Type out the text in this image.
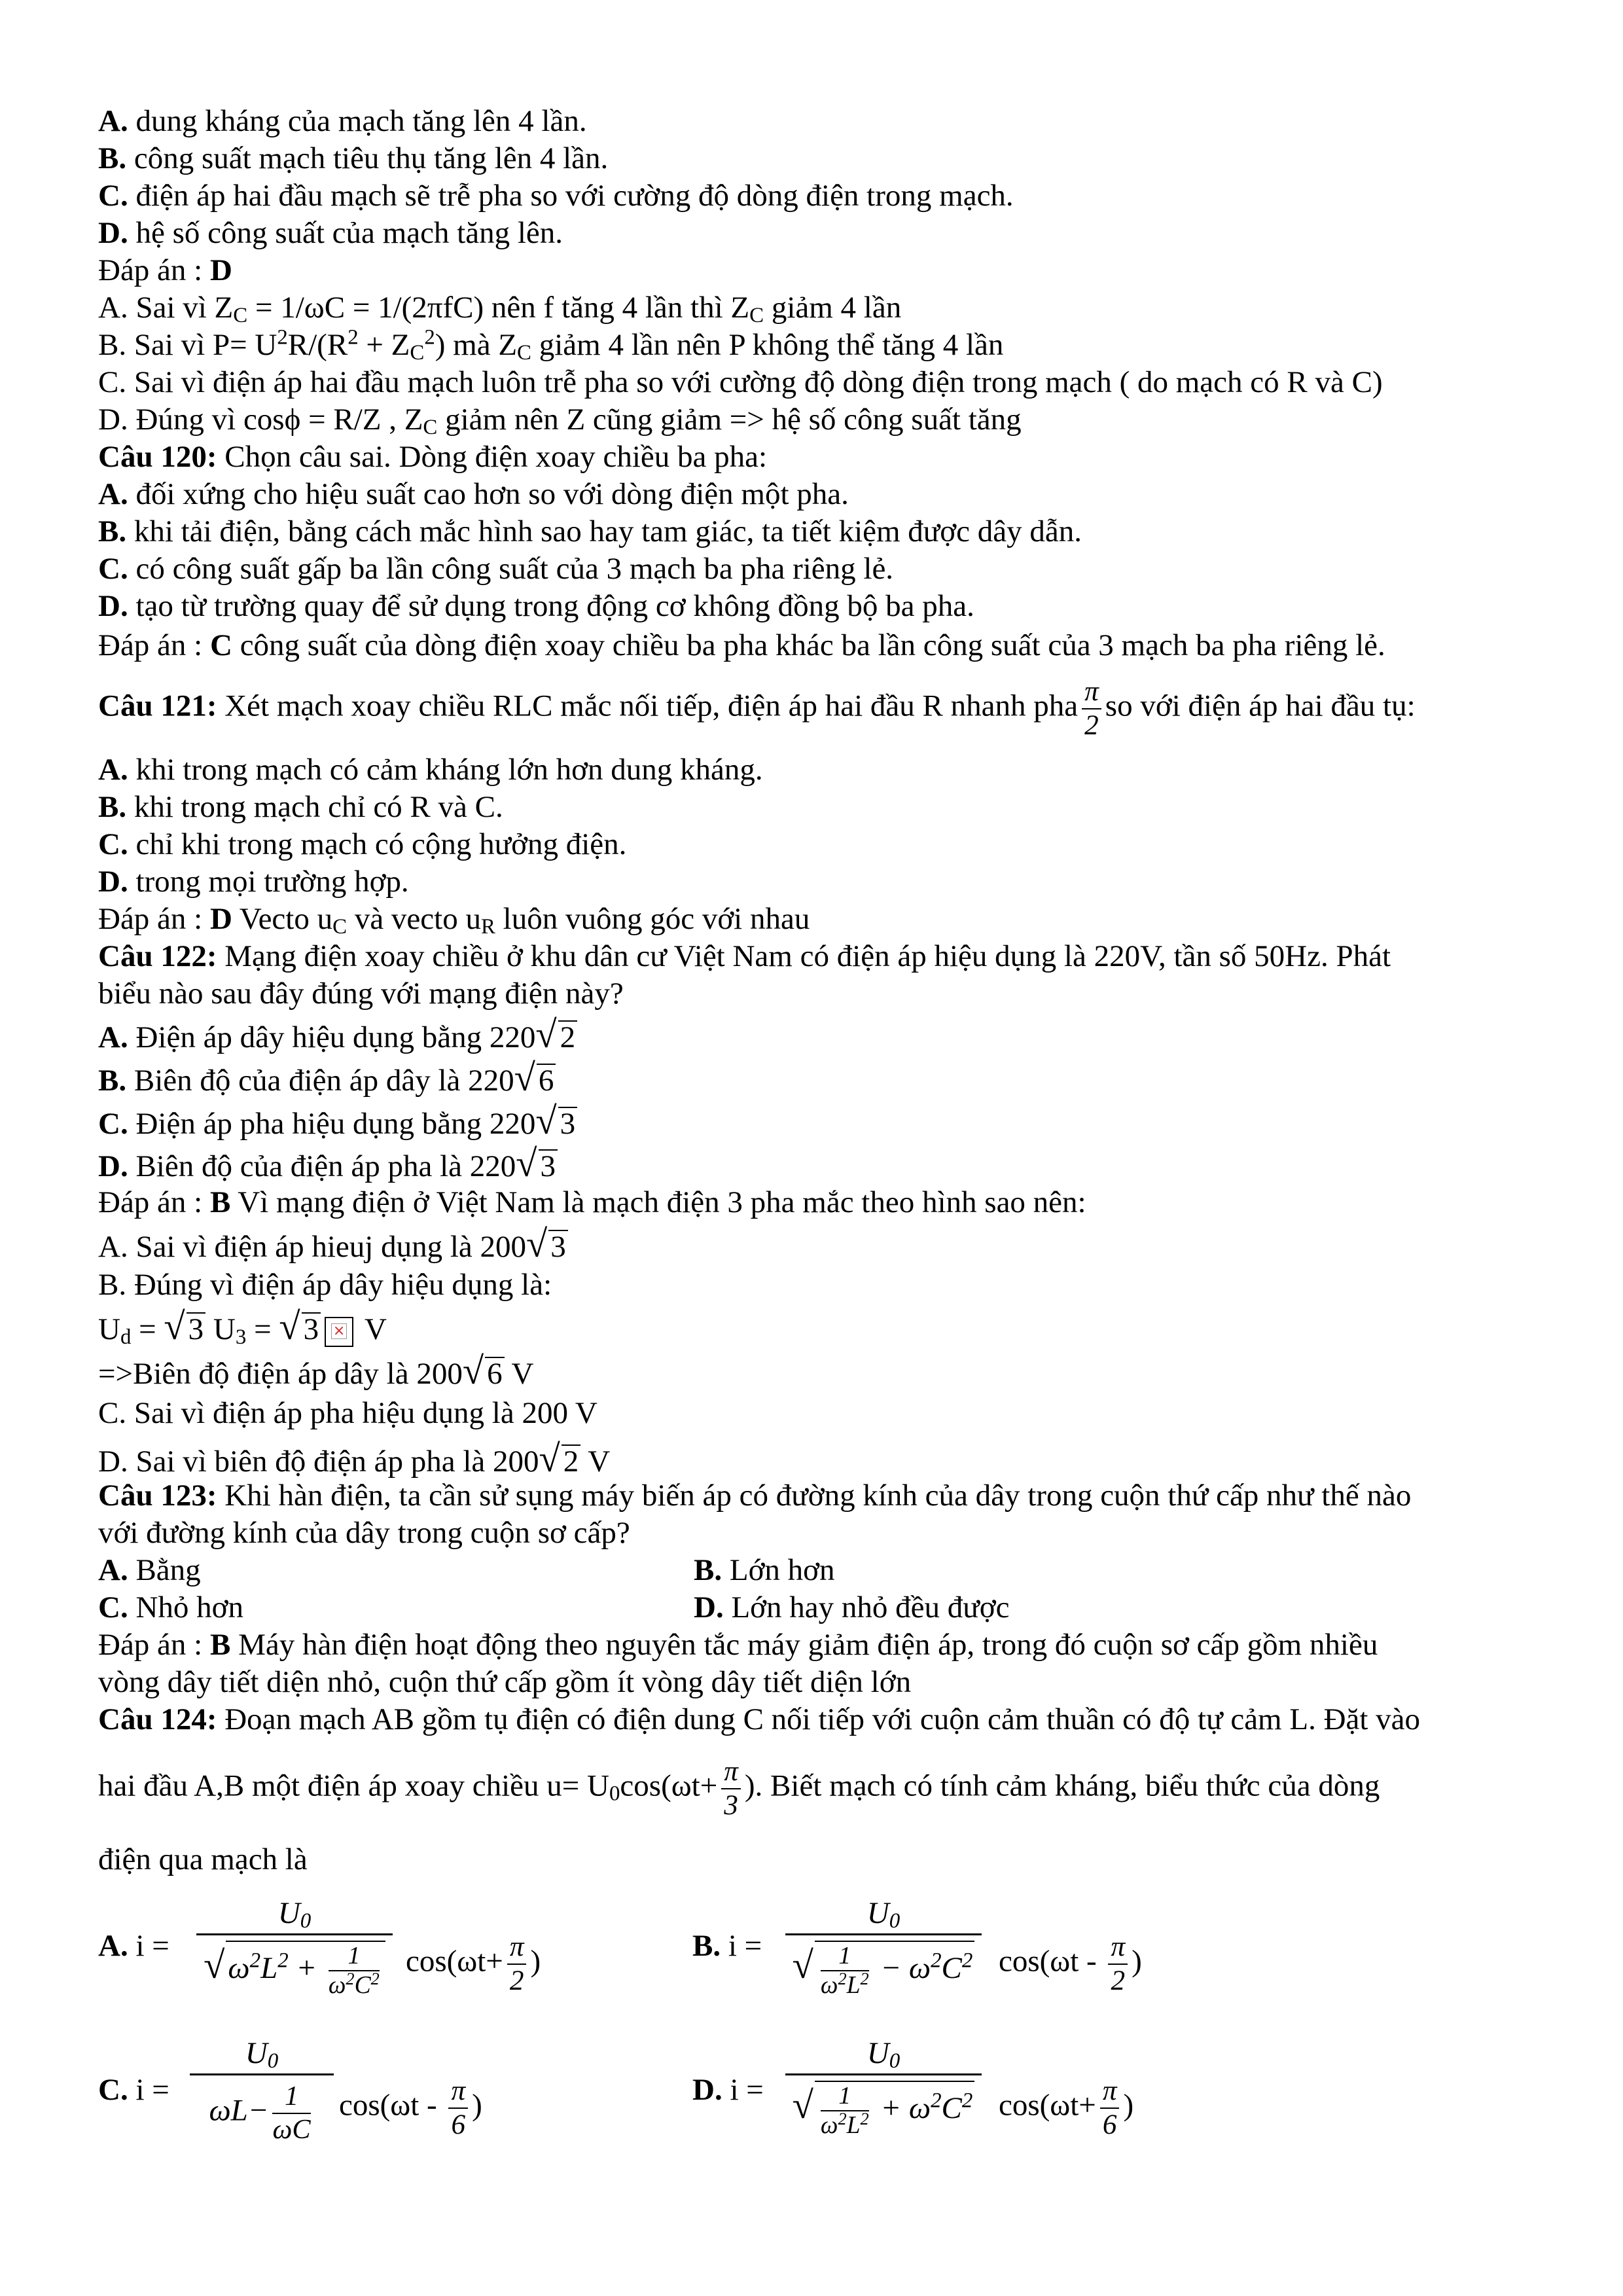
A. dung kháng của mạch tăng lên 4 lần.
B. công suất mạch tiêu thụ tăng lên 4 lần.
C. điện áp hai đầu mạch sẽ trễ pha so với cường độ dòng điện trong mạch.
D. hệ số công suất của mạch tăng lên.
Đáp án : D
A. Sai vì $Z_C = 1/\omega C = 1/(2\pi fC)$ nên f tăng 4 lần thì $Z_C$ giảm 4 lần
B. Sai vì $P= U^2R/(R^2 + Z_C^2)$ mà $Z_C$ giảm 4 lần nên P không thể tăng 4 lần
C. Sai vì điện áp hai đầu mạch luôn trễ pha so với cường độ dòng điện trong mạch ( do mạch có R và C)
D. Đúng vì cosϕ = R/Z , $Z_C$ giảm nên Z cũng giảm => hệ số công suất tăng
Câu 120: Chọn câu sai. Dòng điện xoay chiều ba pha:
A. đối xứng cho hiệu suất cao hơn so với dòng điện một pha.
B. khi tải điện, bằng cách mắc hình sao hay tam giác, ta tiết kiệm được dây dẫn.
C. có công suất gấp ba lần công suất của 3 mạch ba pha riêng lẻ.
D. tạo từ trường quay để sử dụng trong động cơ không đồng bộ ba pha.
Đáp án : C công suất của dòng điện xoay chiều ba pha khác ba lần công suất của 3 mạch ba pha riêng lẻ.
Câu 121: Xét mạch xoay chiều RLC mắc nối tiếp, điện áp hai đầu R nhanh pha $\frac{\pi}{2}$ so với điện áp hai đầu tụ:
A. khi trong mạch có cảm kháng lớn hơn dung kháng.
B. khi trong mạch chỉ có R và C.
C. chỉ khi trong mạch có cộng hưởng điện.
D. trong mọi trường hợp.
Đáp án : D Vecto $u_C$ và vecto $u_R$ luôn vuông góc với nhau
Câu 122: Mạng điện xoay chiều ở khu dân cư Việt Nam có điện áp hiệu dụng là 220V, tần số 50Hz. Phát
biểu nào sau đây đúng với mạng điện này?
A. Điện áp dây hiệu dụng bằng 220√ 2
B. Biên độ của điện áp dây là 220√ 6
C. Điện áp pha hiệu dụng bằng 220√ 3
D. Biên độ của điện áp pha là 220√ 3
Đáp án : B Vì mạng điện ở Việt Nam là mạch điện 3 pha mắc theo hình sao nên:
A. Sai vì điện áp hieuj dụng là 200√ 3
B. Đúng vì điện áp dây hiệu dụng là:
$U_d$ = √ 3 $U_3$ = √ 3 × V
=>Biên độ điện áp dây là 200√ 6 V
C. Sai vì điện áp pha hiệu dụng là 200 V
D. Sai vì biên độ điện áp pha là 200√ 2 V
Câu 123: Khi hàn điện, ta cần sử sụng máy biến áp có đường kính của dây trong cuộn thứ cấp như thế nào
với đường kính của dây trong cuộn sơ cấp?
A. Bằng	B. Lớn hơn
C. Nhỏ hơn	D. Lớn hay nhỏ đều được
Đáp án : B Máy hàn điện hoạt động theo nguyên tắc máy giảm điện áp, trong đó cuộn sơ cấp gồm nhiều
vòng dây tiết diện nhỏ, cuộn thứ cấp gồm ít vòng dây tiết diện lớn
Câu 124: Đoạn mạch AB gồm tụ điện có điện dung C nối tiếp với cuộn cảm thuần có độ tự cảm L. Đặt vào
hai đầu A,B một điện áp xoay chiều $u= U_0\cos(\omega t+ \frac{\pi}{3}$ ). Biết mạch có tính cảm kháng, biểu thức của dòng
điện qua mạch là
A. $i = \frac{U_0}{√ \omega^2L^2 + \frac{1}{\omega^2C^2}} \cos(\omega t+ \frac{\pi}{2}$ )	B. $i = \frac{U_0}{√ \frac{1}{\omega^2L^2} - \omega^2C^2} \cos(\omega t - \frac{\pi}{2}$ )
C. $i = \frac{U_0}{\omega L- \frac{1}{\omega C}} \cos(\omega t - \frac{\pi}{6}$ )	D. $i = \frac{U_0}{√ \frac{1}{\omega^2L^2} + \omega^2C^2} \cos(\omega t+ \frac{\pi}{6}$ )
